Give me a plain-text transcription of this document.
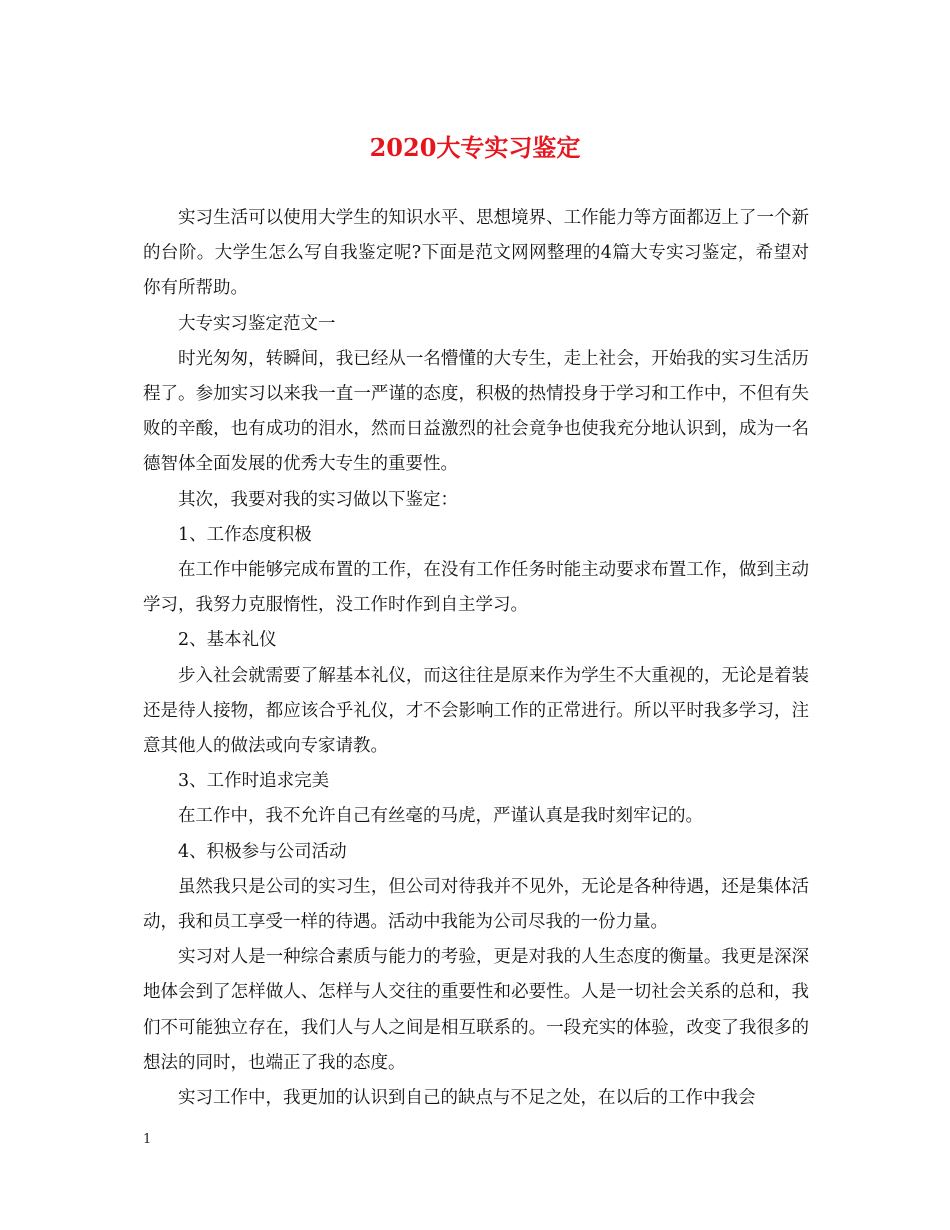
2020大专实习鉴定

实习生活可以使用大学生的知识水平、思想境界、工作能力等方面都迈上了一个新的台阶。大学生怎么写自我鉴定呢?下面是范文网网整理的4篇大专实习鉴定，希望对你有所帮助。

大专实习鉴定范文一

时光匆匆，转瞬间，我已经从一名懵懂的大专生，走上社会，开始我的实习生活历程了。参加实习以来我一直一严谨的态度，积极的热情投身于学习和工作中，不但有失败的辛酸，也有成功的泪水，然而日益激烈的社会竟争也使我充分地认识到，成为一名德智体全面发展的优秀大专生的重要性。

其次，我要对我的实习做以下鉴定：

1、工作态度积极

在工作中能够完成布置的工作，在没有工作任务时能主动要求布置工作，做到主动学习，我努力克服惰性，没工作时作到自主学习。

2、基本礼仪

步入社会就需要了解基本礼仪，而这往往是原来作为学生不大重视的，无论是着装还是待人接物，都应该合乎礼仪，才不会影响工作的正常进行。所以平时我多学习，注意其他人的做法或向专家请教。

3、工作时追求完美

在工作中，我不允许自己有丝毫的马虎，严谨认真是我时刻牢记的。

4、积极参与公司活动

虽然我只是公司的实习生，但公司对待我并不见外，无论是各种待遇，还是集体活动，我和员工享受一样的待遇。活动中我能为公司尽我的一份力量。

实习对人是一种综合素质与能力的考验，更是对我的人生态度的衡量。我更是深深地体会到了怎样做人、怎样与人交往的重要性和必要性。人是一切社会关系的总和，我们不可能独立存在，我们人与人之间是相互联系的。一段充实的体验，改变了我很多的想法的同时，也端正了我的态度。

实习工作中，我更加的认识到自己的缺点与不足之处，在以后的工作中我会

1
